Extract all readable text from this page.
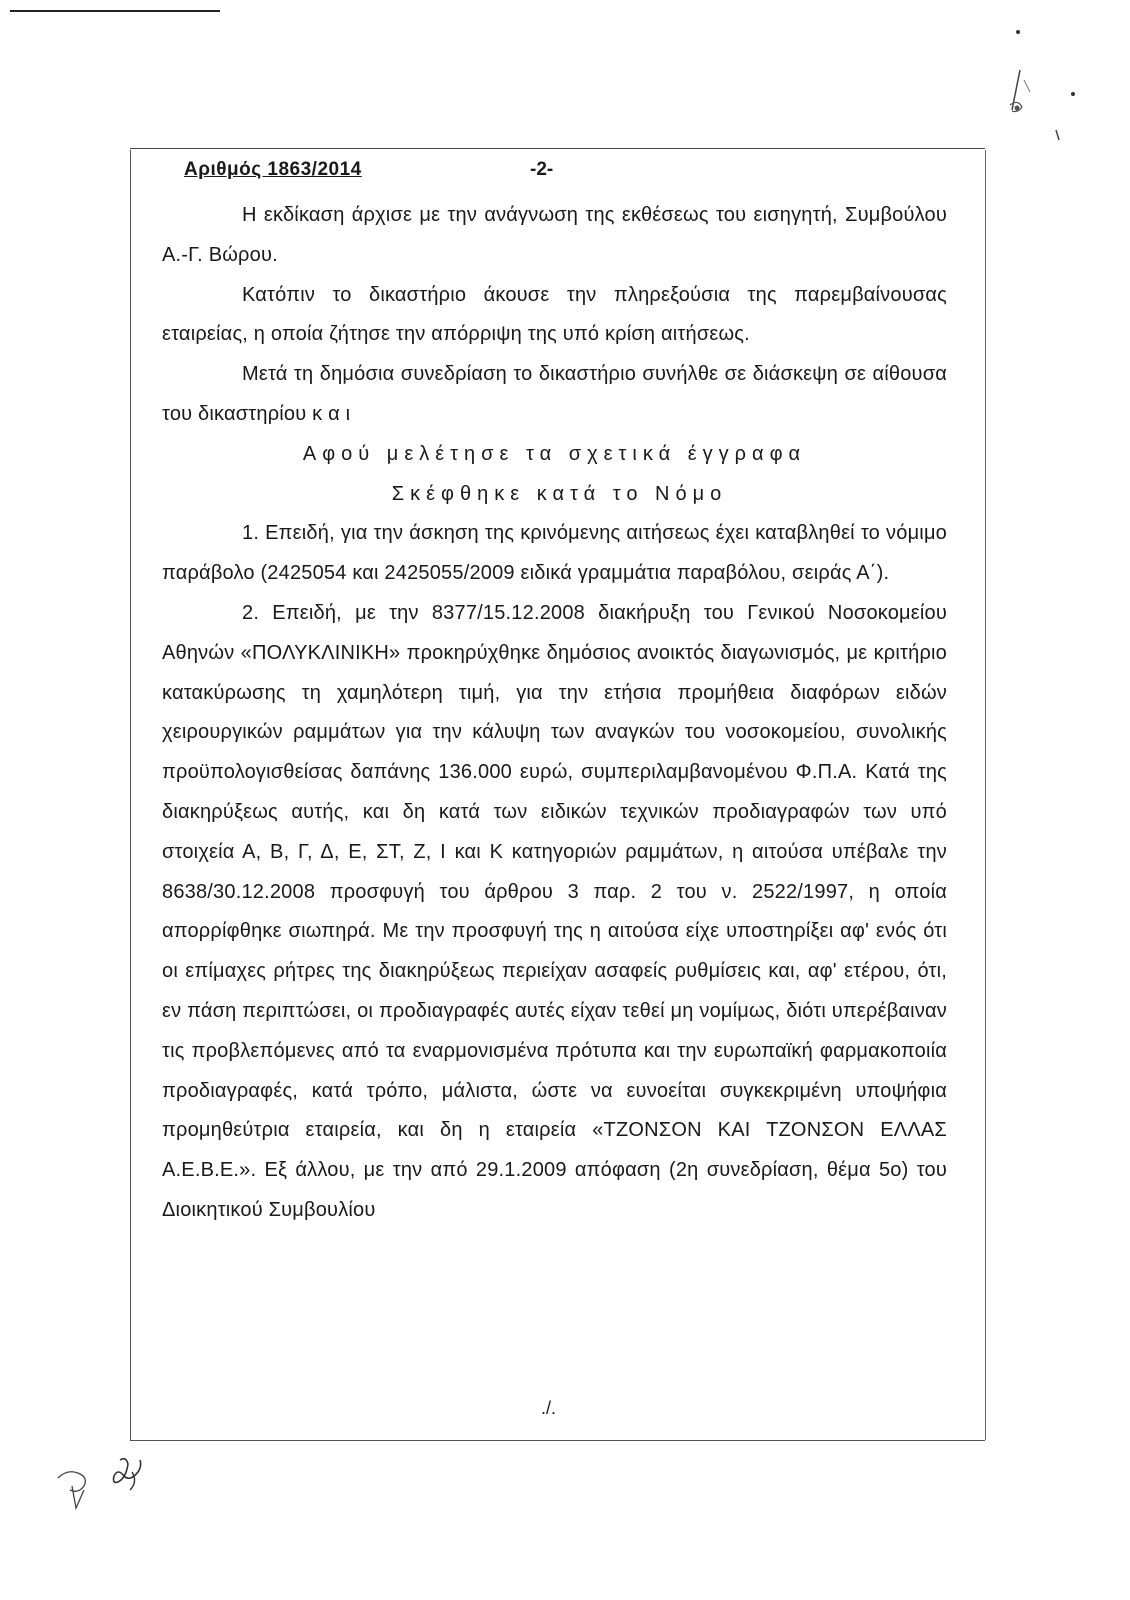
Αριθμός 1863/2014	-2-

Η εκδίκαση άρχισε με την ανάγνωση της εκθέσεως του εισηγητή, Συμβούλου Α.-Γ. Βώρου.

Κατόπιν το δικαστήριο άκουσε την πληρεξούσια της παρεμβαίνουσας εταιρείας, η οποία ζήτησε την απόρριψη της υπό κρίση αιτήσεως.

Μετά τη δημόσια συνεδρίαση το δικαστήριο συνήλθε σε διάσκεψη σε αίθουσα του δικαστηρίου κ α ι

Αφού μελέτησε τα σχετικά έγγραφα

Σκέφθηκε κατά το Νόμο

1. Επειδή, για την άσκηση της κρινόμενης αιτήσεως έχει καταβληθεί το νόμιμο παράβολο (2425054 και 2425055/2009 ειδικά γραμμάτια παραβόλου, σειράς Α΄).

2. Επειδή, με την 8377/15.12.2008 διακήρυξη του Γενικού Νοσοκομείου Αθηνών «ΠΟΛΥΚΛΙΝΙΚΗ» προκηρύχθηκε δημόσιος ανοικτός διαγωνισμός, με κριτήριο κατακύρωσης τη χαμηλότερη τιμή, για την ετήσια προμήθεια διαφόρων ειδών χειρουργικών ραμμάτων για την κάλυψη των αναγκών του νοσοκομείου, συνολικής προϋπολογισθείσας δαπάνης 136.000 ευρώ, συμπεριλαμβανομένου Φ.Π.Α. Κατά της διακηρύξεως αυτής, και δη κατά των ειδικών τεχνικών προδιαγραφών των υπό στοιχεία Α, Β, Γ, Δ, Ε, ΣΤ, Ζ, Ι και Κ κατηγοριών ραμμάτων, η αιτούσα υπέβαλε την 8638/30.12.2008 προσφυγή του άρθρου 3 παρ. 2 του ν. 2522/1997, η οποία απορρίφθηκε σιωπηρά. Με την προσφυγή της η αιτούσα είχε υποστηρίξει αφ' ενός ότι οι επίμαχες ρήτρες της διακηρύξεως περιείχαν ασαφείς ρυθμίσεις και, αφ' ετέρου, ότι, εν πάση περιπτώσει, οι προδιαγραφές αυτές είχαν τεθεί μη νομίμως, διότι υπερέβαιναν τις προβλεπόμενες από τα εναρμονισμένα πρότυπα και την ευρωπαϊκή φαρμακοποιία προδιαγραφές, κατά τρόπο, μάλιστα, ώστε να ευνοείται συγκεκριμένη υποψήφια προμηθεύτρια εταιρεία, και δη η εταιρεία «ΤΖΟΝΣΟΝ ΚΑΙ ΤΖΟΝΣΟΝ ΕΛΛΑΣ Α.Ε.Β.Ε.». Εξ άλλου, με την από 29.1.2009 απόφαση (2η συνεδρίαση, θέμα 5ο) του Διοικητικού Συμβουλίου

./.
